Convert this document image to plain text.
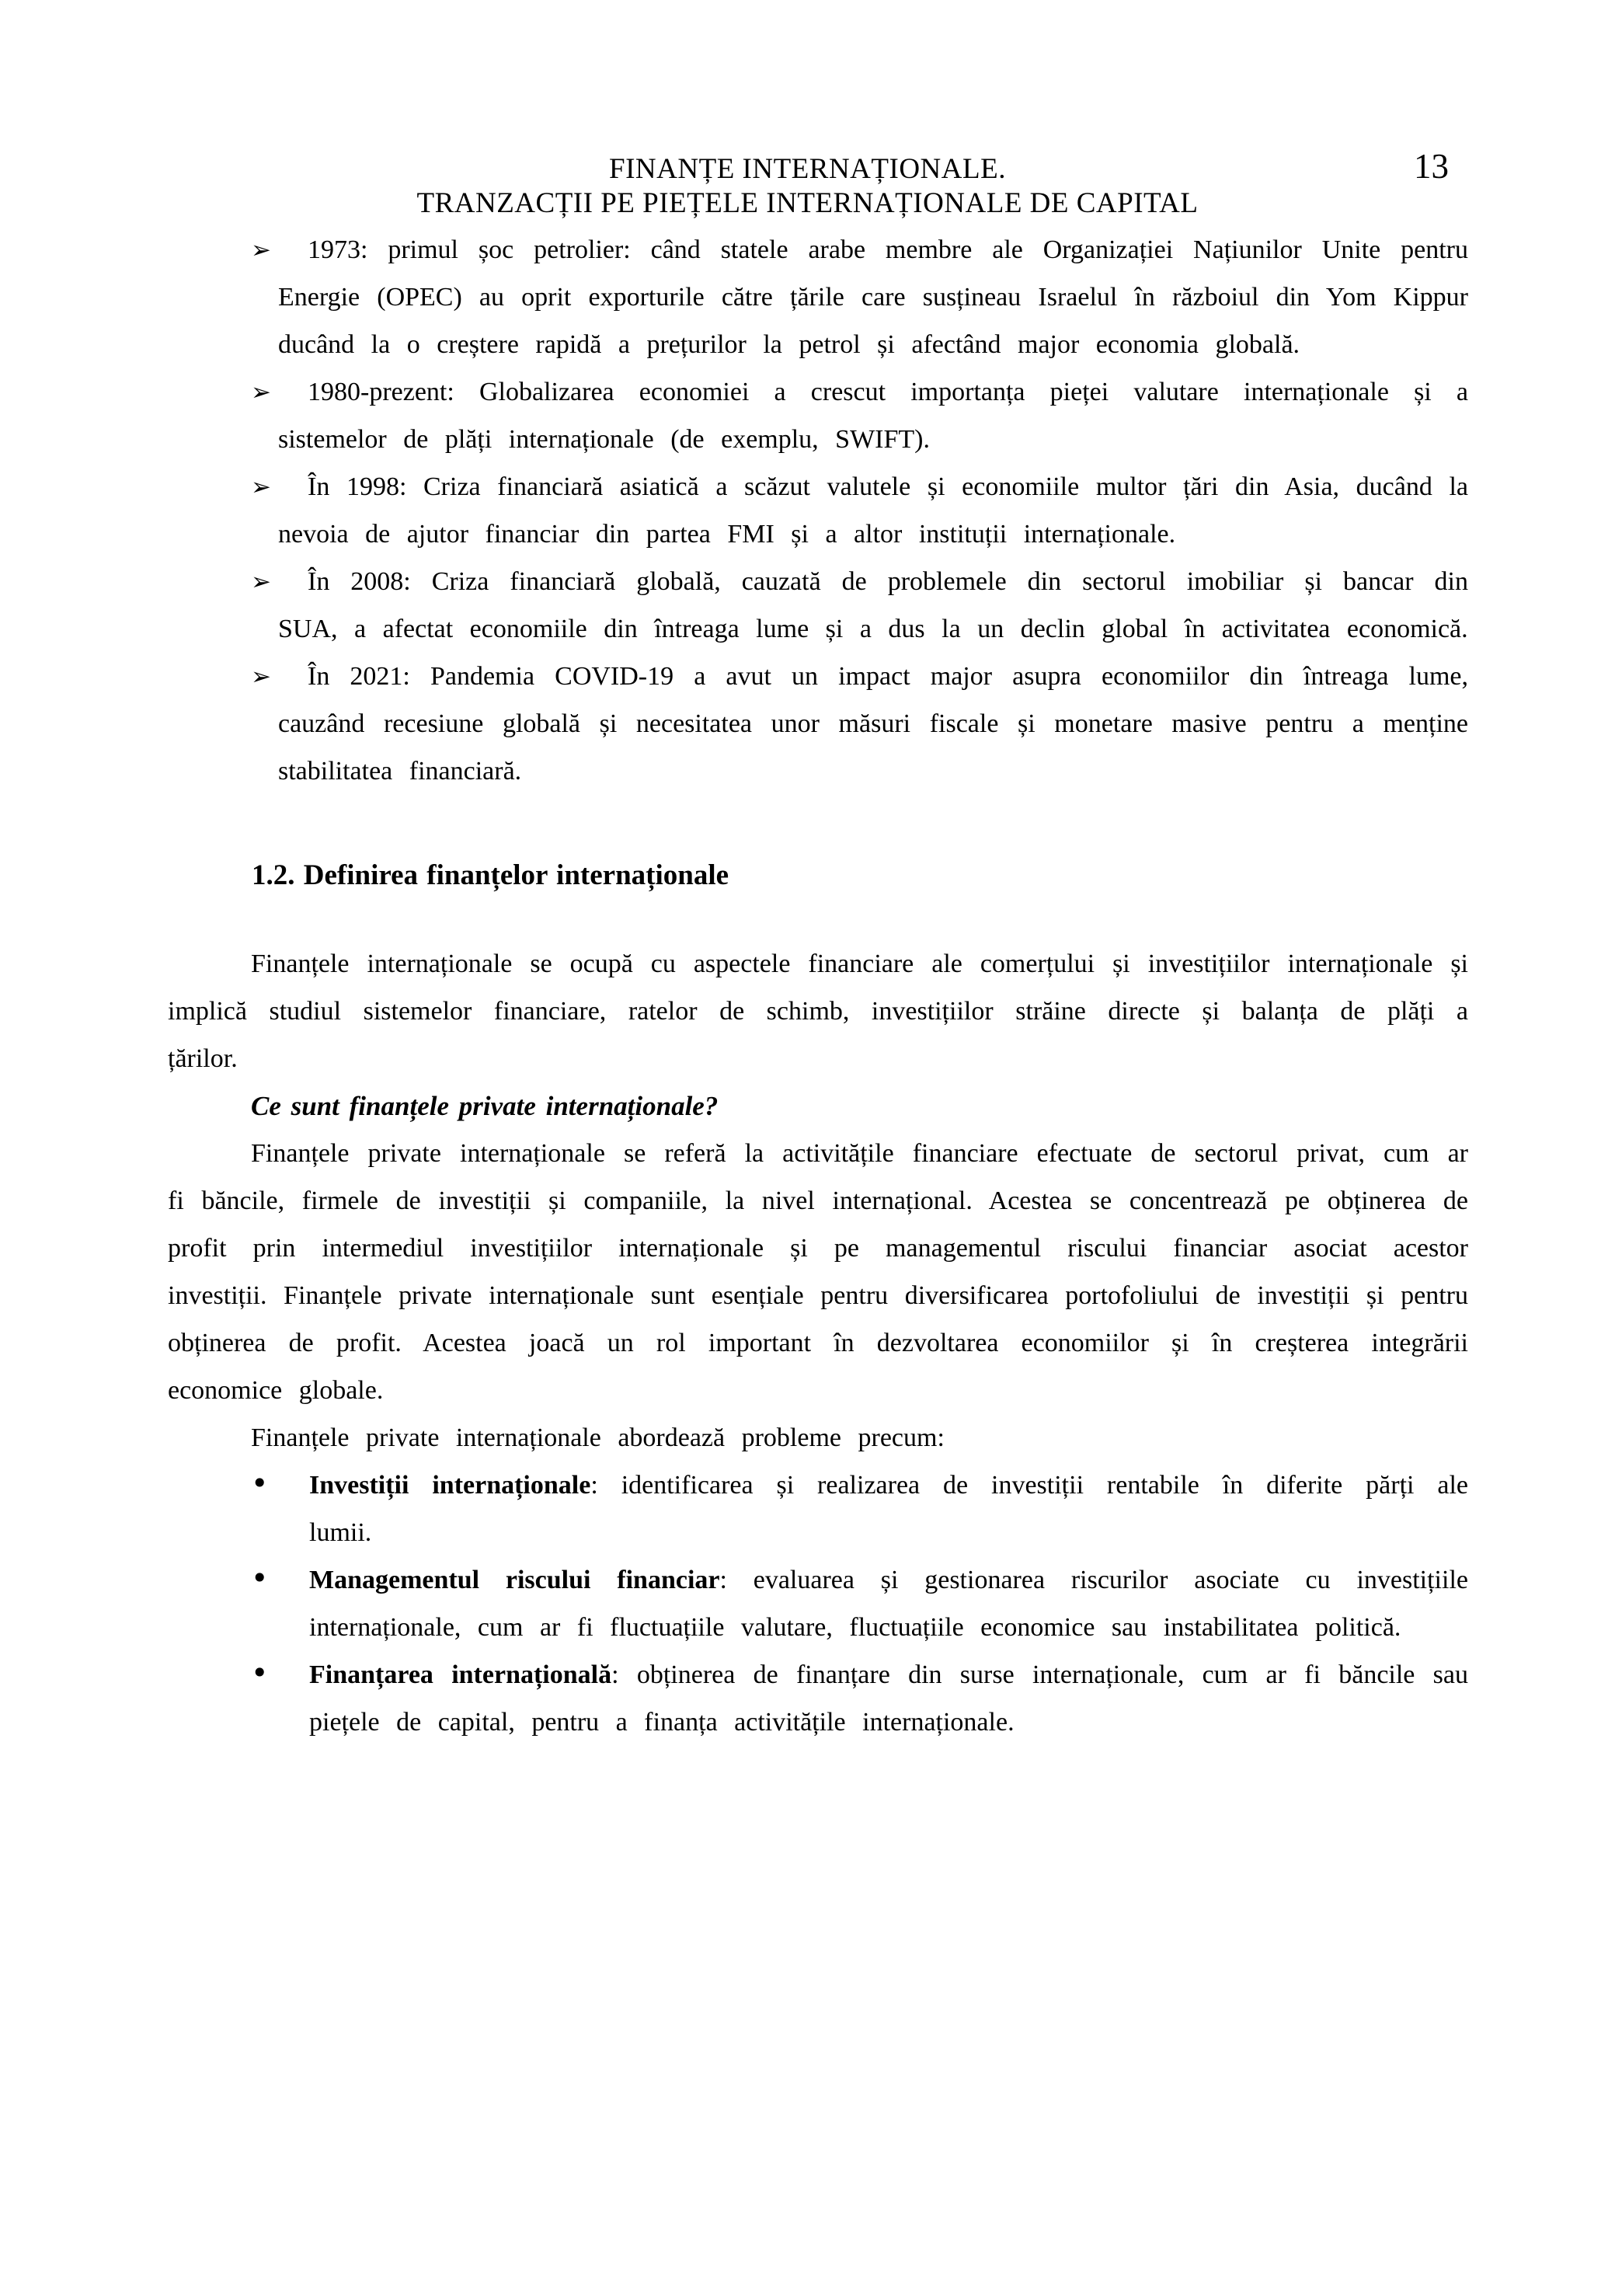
13
FINANȚE INTERNAȚIONALE.
TRANZACȚII PE PIEȚELE INTERNAȚIONALE DE CAPITAL
➢ 1973: primul șoc petrolier: când statele arabe membre ale Organizației Națiunilor Unite pentru Energie (OPEC) au oprit exporturile către țările care susțineau Israelul în războiul din Yom Kippur ducând la o creștere rapidă a prețurilor la petrol și afectând major economia globală.
➢ 1980-prezent: Globalizarea economiei a crescut importanța pieței valutare internaționale și a sistemelor de plăți internaționale (de exemplu, SWIFT).
➢ În 1998: Criza financiară asiatică a scăzut valutele și economiile multor țări din Asia, ducând la nevoia de ajutor financiar din partea FMI și a altor instituții internaționale.
➢ În 2008: Criza financiară globală, cauzată de problemele din sectorul imobiliar și bancar din SUA, a afectat economiile din întreaga lume și a dus la un declin global în activitatea economică.
➢ În 2021: Pandemia COVID-19 a avut un impact major asupra economiilor din întreaga lume, cauzând recesiune globală și necesitatea unor măsuri fiscale și monetare masive pentru a menține stabilitatea financiară.
1.2. Definirea finanțelor internaționale

Finanțele internaționale se ocupă cu aspectele financiare ale comerțului și investițiilor internaționale și implică studiul sistemelor financiare, ratelor de schimb, investițiilor străine directe și balanța de plăți a țărilor.

Ce sunt finanțele private internaționale?

Finanțele private internaționale se referă la activitățile financiare efectuate de sectorul privat, cum ar fi băncile, firmele de investiții și companiile, la nivel internațional. Acestea se concentrează pe obținerea de profit prin intermediul investițiilor internaționale și pe managementul riscului financiar asociat acestor investiții. Finanțele private internaționale sunt esențiale pentru diversificarea portofoliului de investiții și pentru obținerea de profit. Acestea joacă un rol important în dezvoltarea economiilor și în creșterea integrării economice globale.

Finanțele private internaționale abordează probleme precum:

• Investiții internaționale: identificarea și realizarea de investiții rentabile în diferite părți ale lumii.
• Managementul riscului financiar: evaluarea și gestionarea riscurilor asociate cu investițiile internaționale, cum ar fi fluctuațiile valutare, fluctuațiile economice sau instabilitatea politică.
• Finanțarea internațională: obținerea de finanțare din surse internaționale, cum ar fi băncile sau piețele de capital, pentru a finanța activitățile internaționale.
